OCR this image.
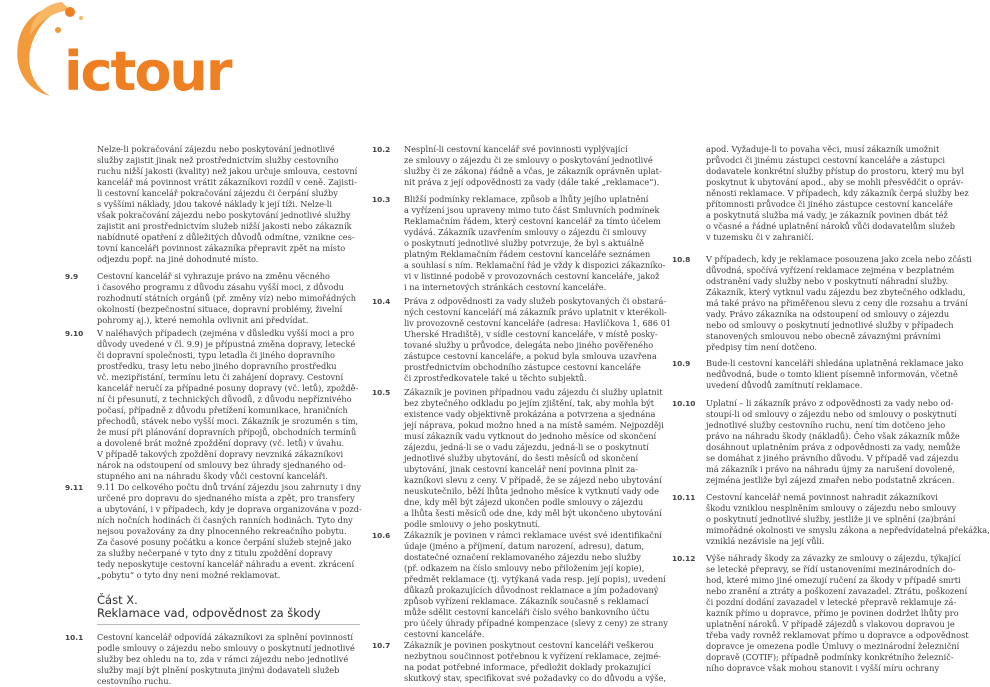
ictour

Nelze-li pokračování zájezdu nebo poskytování jednotlivé

služby zajistit jinak než prostřednictvím služby cestovního

ruchu nižší jakosti (kvality) než jakou určuje smlouva, cestovní

kancelář má povinnost vrátit zákazníkovi rozdíl v ceně. Zajisti-

li cestovní kancelář pokračování zájezdu či čerpání služby

s vyššími náklady, jdou takové náklady k její tíži. Nelze-li

však pokračování zájezdu nebo poskytování jednotlivé služby

zajistit ani prostřednictvím služeb nižší jakosti nebo zákazník

nabídnuté opatření z důležitých důvodů odmítne, vznikne ces-

tovní kanceláři povinnost zákazníka přepravit zpět na místo

odjezdu popř. na jiné dohodnuté místo.

9.9 Cestovní kancelář si vyhrazuje právo na změnu věcného

i časového programu z důvodu zásahu vyšší moci, z důvodu

rozhodnutí státních orgánů (př. změny víz) nebo mimořádných

okolností (bezpečnostní situace, dopravní problémy, živelní

pohromy aj.), které nemohla ovlivnit ani předvídat.

9.10 V naléhavých případech (zejména v důsledku vyšší moci a pro

důvody uvedené v čl. 9.9) je přípustná změna dopravy, letecké

či dopravní společnosti, typu letadla či jiného dopravního

prostředku, trasy letu nebo jiného dopravního prostředku

vč. mezipřistání, termínu letu či zahájení dopravy. Cestovní

kancelář neručí za případné posuny dopravy (vč. letů), zpoždě-

ní či přesunutí, z technických důvodů, z důvodu nepříznivého

počasí, případně z důvodu přetížení komunikace, hraničních

přechodů, stávek nebo vyšší moci. Zákazník je srozuměn s tím,

že musí při plánování dopravních přípojů, obchodních termínů

a dovolené brát možné zpoždění dopravy (vč. letů) v úvahu.

V případě takových zpoždění dopravy nevzniká zákazníkovi

nárok na odstoupení od smlouvy bez úhrady sjednaného od-

stupného ani na náhradu škody vůči cestovní kanceláři.

9.11 9.11 Do celkového počtu dnů trvání zájezdu jsou zahrnuty i dny

určené pro dopravu do sjednaného místa a zpět, pro transfery

a ubytování, i v případech, kdy je doprava organizována v pozd-

ních nočních hodinách či časných ranních hodinách. Tyto dny

nejsou považovány za dny plnocenného rekreačního pobytu.

Za časové posuny počátku a konce čerpání služeb stejně jako

za služby nečerpané v tyto dny z titulu zpoždění dopravy

tedy neposkytuje cestovní kancelář náhradu a event. zkrácení

„pobytu“ o tyto dny není možné reklamovat.

10.1 Cestovní kancelář odpovídá zákazníkovi za splnění povinností

podle smlouvy o zájezdu nebo smlouvy o poskytnutí jednotlivé

služby bez ohledu na to, zda v rámci zájezdu nebo jednotlivé

služby mají být plnění poskytnuta jinými dodavateli služeb

cestovního ruchu.

Část X.
Reklamace vad, odpovědnost za škody
10.2 Nesplní-li cestovní kancelář své povinnosti vyplývající

ze smlouvy o zájezdu či ze smlouvy o poskytování jednotlivé

služby či ze zákona) řádně a včas, je zákazník oprávněn uplat-

nit práva z její odpovědnosti za vady (dále také „reklamace“).

10.3 Bližší podmínky reklamace, způsob a lhůty jejího uplatnění

a vyřízení jsou upraveny mimo tuto část Smluvních podmínek

Reklamačním řádem, který cestovní kancelář za tímto účelem

vydává. Zákazník uzavřením smlouvy o zájezdu či smlouvy

o poskytnutí jednotlivé služby potvrzuje, že byl s aktuálně

platným Reklamačním řádem cestovní kanceláře seznámen

a souhlasí s ním. Reklamační řád je vždy k dispozici zákazníko-

vi v listinné podobě v provozovnách cestovní kanceláře, jakož

i na internetových stránkách cestovní kanceláře.

10.4 Práva z odpovědnosti za vady služeb poskytovaných či obstará-

ných cestovní kanceláří má zákazník právo uplatnit v kterékoli-

liv provozovně cestovní kanceláře (adresa: Havlíčkova 1, 686 01

Uherské Hradiště), v sídle cestovní kanceláře, v místě posky-

tované služby u průvodce, delegáta nebo jiného pověřeného

zástupce cestovní kanceláře, a pokud byla smlouva uzavřena

prostřednictvím obchodního zástupce cestovní kanceláře

či zprostředkovatele také u těchto subjektů.

10.5 Zákazník je povinen případnou vadu zájezdu či služby uplatnit

bez zbytečného odkladu po jejím zjištění, tak, aby mohla být

existence vady objektivně prokázána a potvrzena a sjednána

její náprava, pokud možno hned a na místě samém. Nejpozději

musí zákazník vadu vytknout do jednoho měsíce od skončení

zájezdu, jedná-li se o vadu zájezdu, jedná-li se o poskytnutí

jednotlivé služby ubytování, do šesti měsíců od skončení

ubytování, jinak cestovní kancelář není povinna plnit za-

kazníkovi slevu z ceny. V případě, že se zájezd nebo ubytování

neuskutečnilo, běží lhůta jednoho měsíce k vytknutí vady ode

dne, kdy měl být zájezd ukončen podle smlouvy o zájezdu

a lhůta šesti měsíců ode dne, kdy měl být ukončeno ubytování

podle smlouvy o jeho poskytnutí.

10.6 Zákazník je povinen v rámci reklamace uvést své identifikační

údaje (jméno a příjmení, datum narození, adresu), datum,

dostatečné označení reklamovaného zájezdu nebo služby

(př. odkazem na číslo smlouvy nebo přiložením její kopie),

předmět reklamace (tj. vytýkaná vada resp. její popis), uvedení

důkazů prokazujících důvodnost reklamace a jím požadovaný

způsob vyřízení reklamace. Zákazník současně s reklamací

může sdělit cestovní kanceláři číslo svého bankovního účtu

pro účely úhrady případné kompenzace (slevy z ceny) ze strany

cestovní kanceláře.

10.7 Zákazník je povinen poskytnout cestovní kanceláři veškerou

nezbytnou součinnost potřebnou k vyřízení reklamace, zejmé-

na podat potřebné informace, předložit doklady prokazující

skutkový stav, specifikovat své požadavky co do důvodu a výše,

apod. Vyžaduje-li to povaha věci, musí zákazník umožnit

průvodci či jinému zástupci cestovní kanceláře a zástupci

dodavatele konkrétní služby přístup do prostoru, který mu byl

poskytnut k ubytování apod., aby se mohli přesvědčit o opráv-

něnosti reklamace. V případech, kdy zákazník čerpá služby bez

přítomnosti průvodce či jiného zástupce cestovní kanceláře

a poskytnutá služba má vady, je zákazník povinen dbát též

o včasné a řádné uplatnění nároků vůči dodavatelům služeb

v tuzemsku či v zahraničí.

10.8 V případech, kdy je reklamace posouzena jako zcela nebo zčásti

důvodná, spočívá vyřízení reklamace zejména v bezplatném

odstranění vady služby nebo v poskytnutí náhradní služby.

Zákazník, který vytknul vadu zájezdu bez zbytečného odkladu,

má také právo na přiměřenou slevu z ceny dle rozsahu a trvání

vady. Právo zákazníka na odstoupení od smlouvy o zájezdu

nebo od smlouvy o poskytnutí jednotlivé služby v případech

stanovených smlouvou nebo obecně závaznými právními

předpisy tím není dotčeno.

10.9 Bude-li cestovní kanceláří shledána uplatněná reklamace jako

nedůvodná, bude o tomto klient písemně informován, včetně

uvedení důvodů zamítnutí reklamace.

10.10 Uplatní – li zákazník právo z odpovědnosti za vady nebo od-

stoupí-li od smlouvy o zájezdu nebo od smlouvy o poskytnutí

jednotlivé služby cestovního ruchu, není tím dotčeno jeho

právo na náhradu škody (nákladů). Čeho však zákazník může

dosáhnout uplatněním práva z odpovědnosti za vady, nemůže

se domáhat z jiného právního důvodu. V případě vad zájezdu

má zákazník i právo na náhradu újmy za narušení dovolené,

zejména jestliže byl zájezd zmařen nebo podstatně zkrácen.

10.11 Cestovní kancelář nemá povinnost nahradit zákazníkovi

škodu vzniklou nesplněním smlouvy o zájezdu nebo smlouvy

o poskytnutí jednotlivé služby, jestliže ji ve splnění (za)brání

mimořádné okolnosti ve smyslu zákona a nepředvídatelná překážka,

vzniklá nezávisle na její vůli.

10.12 Výše náhrady škody za závazky ze smlouvy o zájezdu, týkající

se letecké přepravy, se řídí ustanoveními mezinárodních do-

hod, které mimo jiné omezují ručení za škody v případě smrti

nebo zranění a ztráty a poškození zavazadel. Ztrátu, poškození

či pozdní dodání zavazadel v letecké přepravě reklamuje zá-

kazník přímo u dopravce, přímo je povinen dodržet lhůty pro

uplatnění nároků. V případě zájezdů s vlakovou dopravou je

třeba vady rovněž reklamovat přímo u dopravce a odpovědnost

dopravce je omezena podle Úmluvy o mezinárodní železniční

dopravě (COTIF); případně podmínky konkrétního železnič-

ního dopravce však mohou stanovit i vyšší míru ochrany
